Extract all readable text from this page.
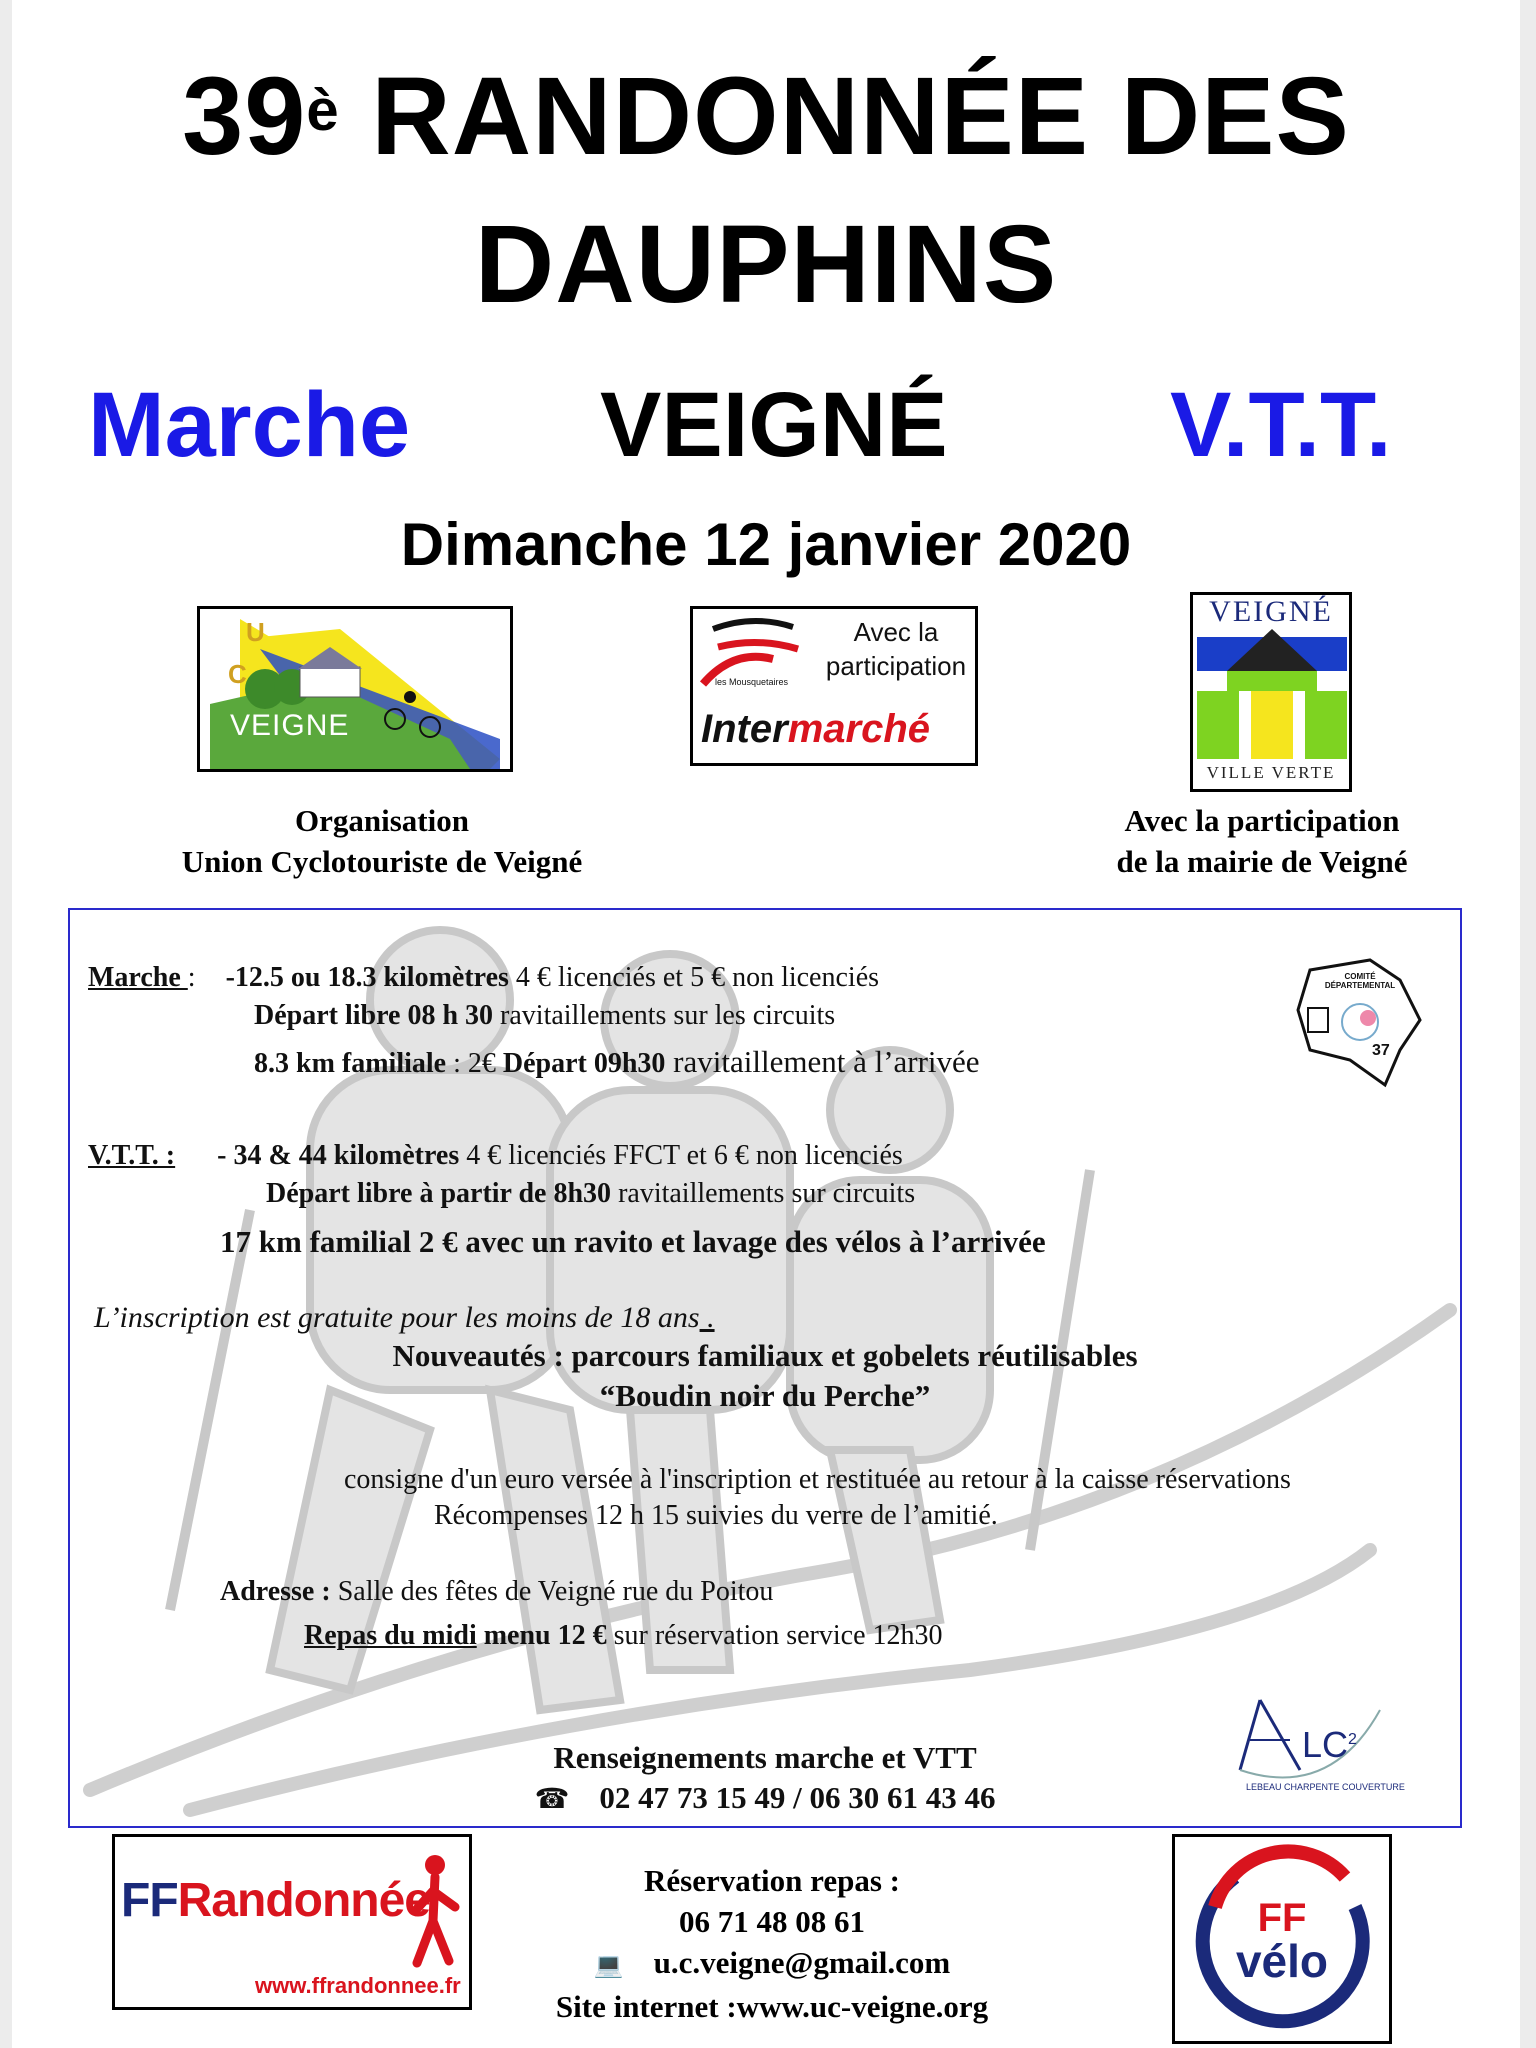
$39^è$ RANDONNÉE DES
DAUPHINS
Marche VEIGNÉ V.T.T.
Dimanche 12 janvier 2020
U
C
VEIGNE
les Mousquetaires
Avec la
participation
Intermarché
VEIGNÉ
VILLE VERTE
Organisation
Union Cyclotouriste de Veigné
Avec la participation
de la mairie de Veigné
COMITÉ
DÉPARTEMENTAL
37
Marche : -12.5 ou 18.3 kilomètres 4 € licenciés et 5 € non licenciés
Départ libre 08 h 30 ravitaillements sur les circuits
8.3 km familiale : 2€ Départ 09h30 ravitaillement à l’arrivée
V.T.T. : - 34 & 44 kilomètres 4 € licenciés FFCT et 6 € non licenciés
Départ libre à partir de 8h30 ravitaillements sur circuits
17 km familial 2 € avec un ravito et lavage des vélos à l’arrivée
L’inscription est gratuite pour les moins de 18 ans .
Nouveautés : parcours familiaux et gobelets réutilisables
“Boudin noir du Perche”
consigne d'un euro versée à l'inscription et restituée au retour à la caisse réservations
Récompenses 12 h 15 suivies du verre de l’amitié.
Adresse : Salle des fêtes de Veigné rue du Poitou
Repas du midi menu 12 € sur réservation service 12h30
$LC^2$
LEBEAU CHARPENTE COUVERTURE
Renseignements marche et VTT
☎ 02 47 73 15 49 / 06 30 61 43 46
FFRandonnée
www.ffrandonnee.fr
Réservation repas :
06 71 48 08 61
💻 u.c.veigne@gmail.com
Site internet :www.uc-veigne.org
FF
vélo
